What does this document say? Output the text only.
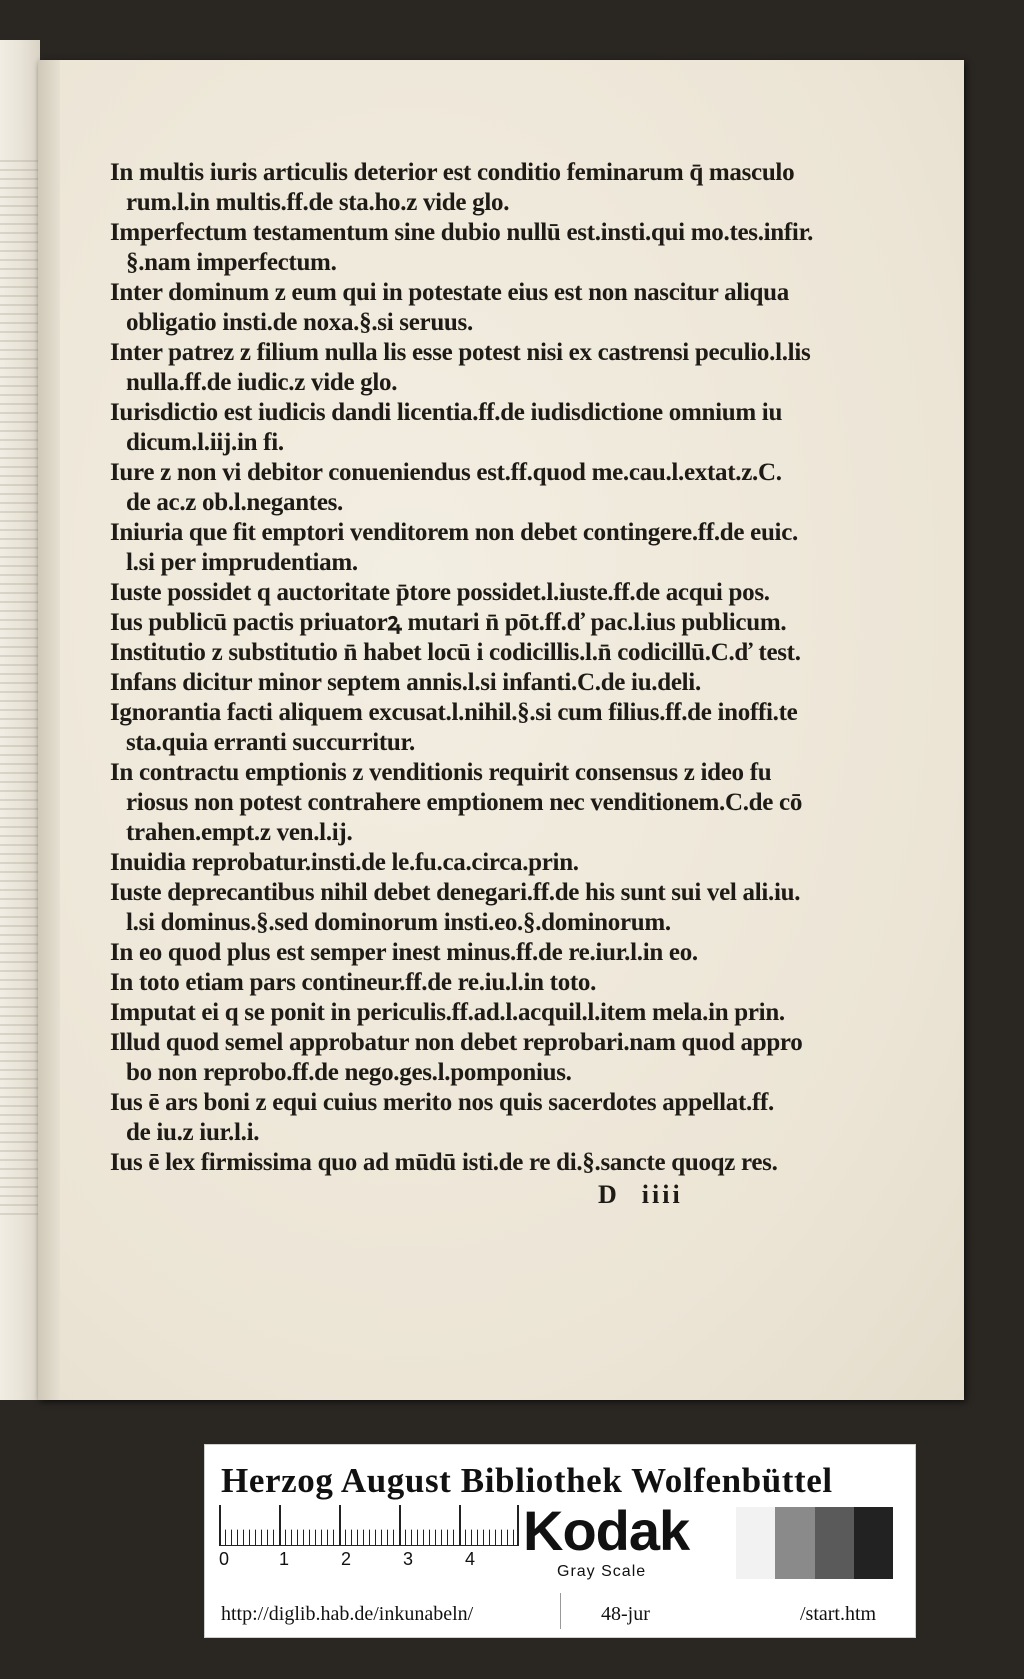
In multis iuris articulis deterior est conditio feminarum q̄ masculo
rum.l.in multis.ff.de sta.ho.z vide glo.
Imperfectum testamentum sine dubio nullū est.insti.qui mo.tes.infir.
§.nam imperfectum.
Inter dominum z eum qui in potestate eius est non nascitur aliqua
obligatio insti.de noxa.§.si seruus.
Inter patrez z filium nulla lis esse potest nisi ex castrensi peculio.l.lis
nulla.ff.de iudic.z vide glo.
Iurisdictio est iudicis dandi licentia.ff.de iudisdictione omnium iu
dicum.l.iij.in fi.
Iure z non vi debitor conueniendus est.ff.quod me.cau.l.extat.z.C.
de ac.z ob.l.negantes.
Iniuria que fit emptori venditorem non debet contingere.ff.de euic.
l.si per imprudentiam.
Iuste possidet q auctoritate p̄tore possidet.l.iuste.ff.de acqui pos.
Ius publicū pactis priuatorꝝ mutari n̄ pōt.ff.ď pac.l.ius publicum.
Institutio z substitutio n̄ habet locū i codicillis.l.n̄ codicillū.C.ď test.
Infans dicitur minor septem annis.l.si infanti.C.de iu.deli.
Ignorantia facti aliquem excusat.l.nihil.§.si cum filius.ff.de inoffi.te
sta.quia erranti succurritur.
In contractu emptionis z venditionis requirit consensus z ideo fu
riosus non potest contrahere emptionem nec venditionem.C.de cō
trahen.empt.z ven.l.ij.
Inuidia reprobatur.insti.de le.fu.ca.circa.prin.
Iuste deprecantibus nihil debet denegari.ff.de his sunt sui vel ali.iu.
l.si dominus.§.sed dominorum insti.eo.§.dominorum.
In eo quod plus est semper inest minus.ff.de re.iur.l.in eo.
In toto etiam pars contineur.ff.de re.iu.l.in toto.
Imputat ei q se ponit in periculis.ff.ad.l.acquil.l.item mela.in prin.
Illud quod semel approbatur non debet reprobari.nam quod appro
bo non reprobo.ff.de nego.ges.l.pomponius.
Ius ē ars boni z equi cuius merito nos quis sacerdotes appellat.ff.
de iu.z iur.l.i.
Ius ē lex firmissima quo ad mūdū isti.de re di.§.sancte quoqz res.
D iiii
Herzog August Bibliothek Wolfenbüttel
0	1	2	3	4 Kodak
Gray Scale
http://diglib.hab.de/inkunabeln/	48-jur	/start.htm
